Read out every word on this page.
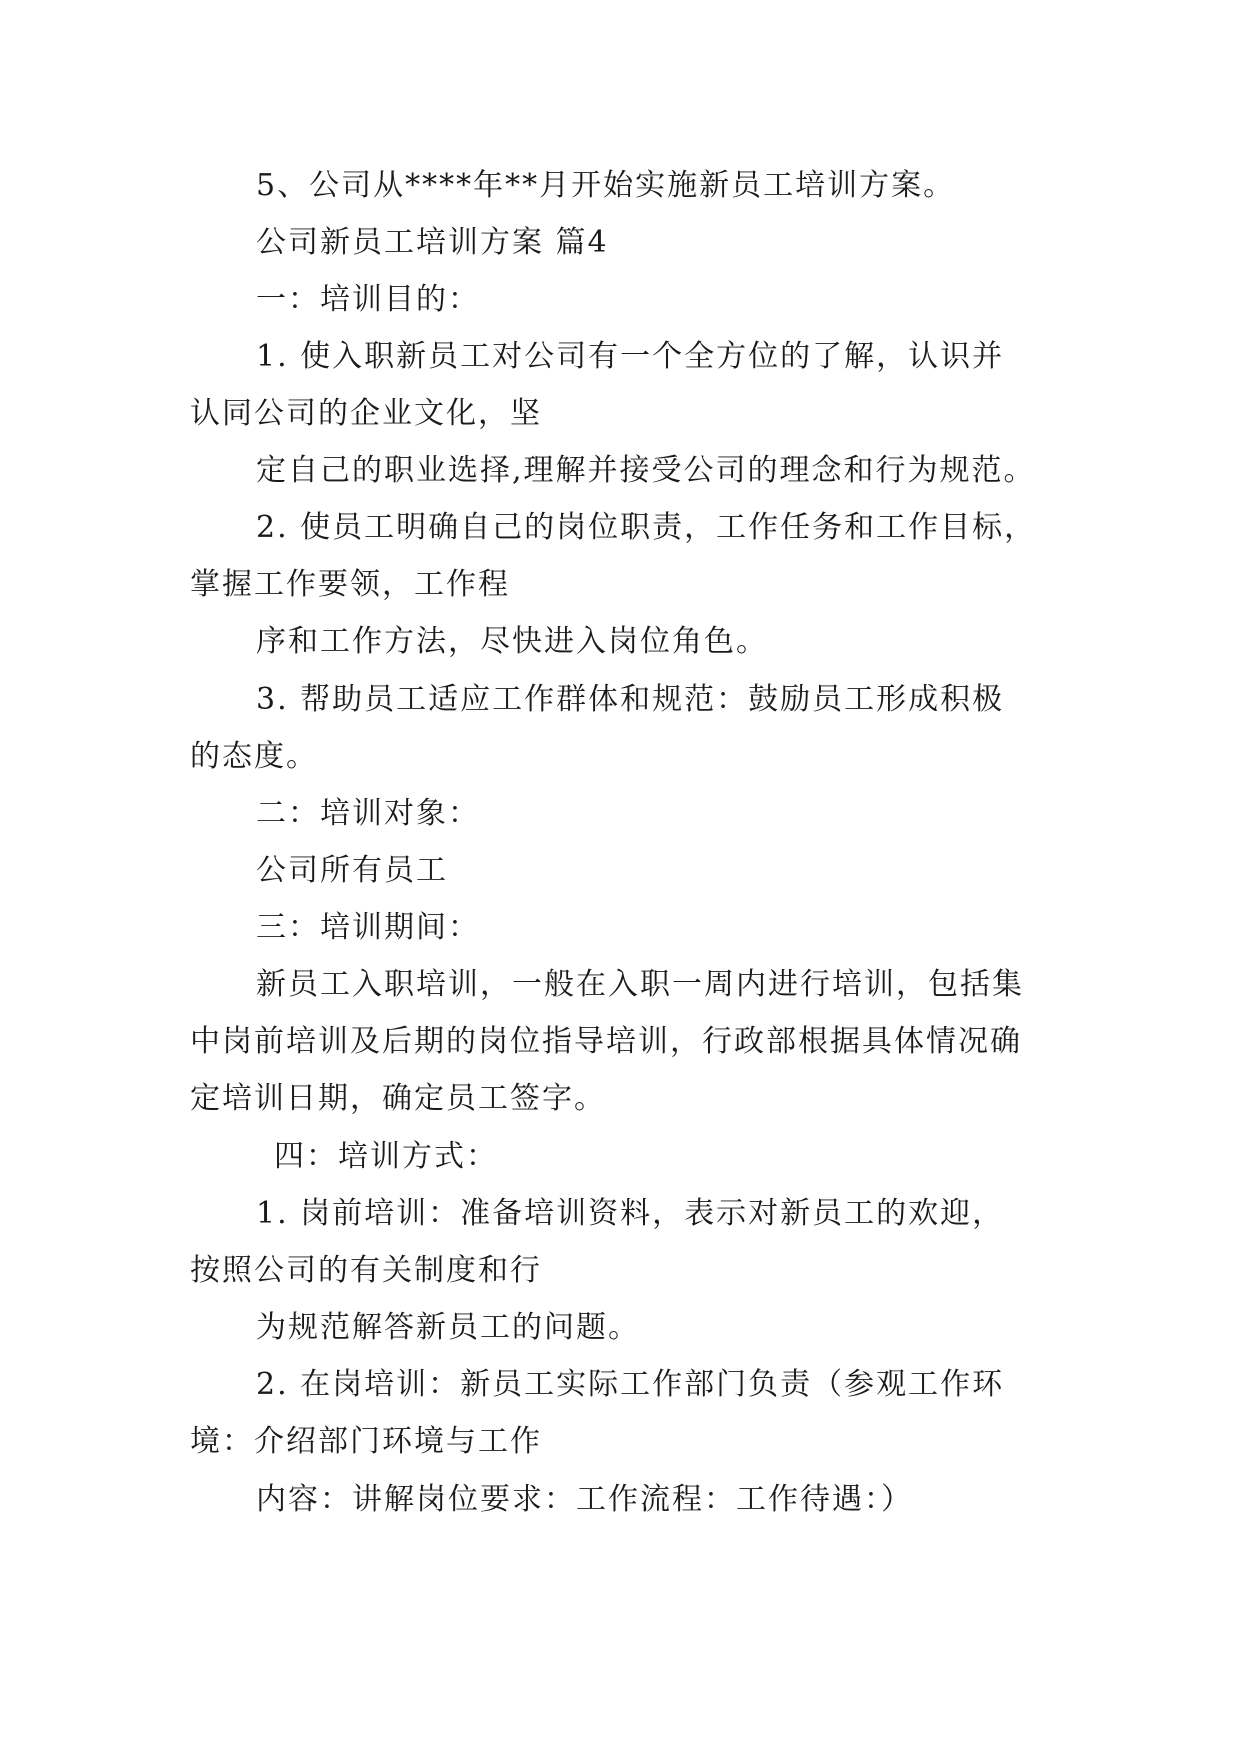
5、公司从****年**月开始实施新员工培训方案。
公司新员工培训方案 篇4
一：培训目的：
1. 使入职新员工对公司有一个全方位的了解，认识并
认同公司的企业文化，坚
定自己的职业选择,理解并接受公司的理念和行为规范。
2. 使员工明确自己的岗位职责，工作任务和工作目标，
掌握工作要领，工作程
序和工作方法，尽快进入岗位角色。
3. 帮助员工适应工作群体和规范：鼓励员工形成积极
的态度。
二：培训对象：
公司所有员工
三：培训期间：
新员工入职培训，一般在入职一周内进行培训，包括集
中岗前培训及后期的岗位指导培训，行政部根据具体情况确
定培训日期，确定员工签字。
四：培训方式：
1. 岗前培训：准备培训资料，表示对新员工的欢迎，
按照公司的有关制度和行
为规范解答新员工的问题。
2. 在岗培训：新员工实际工作部门负责（参观工作环
境：介绍部门环境与工作
内容：讲解岗位要求：工作流程：工作待遇：）
